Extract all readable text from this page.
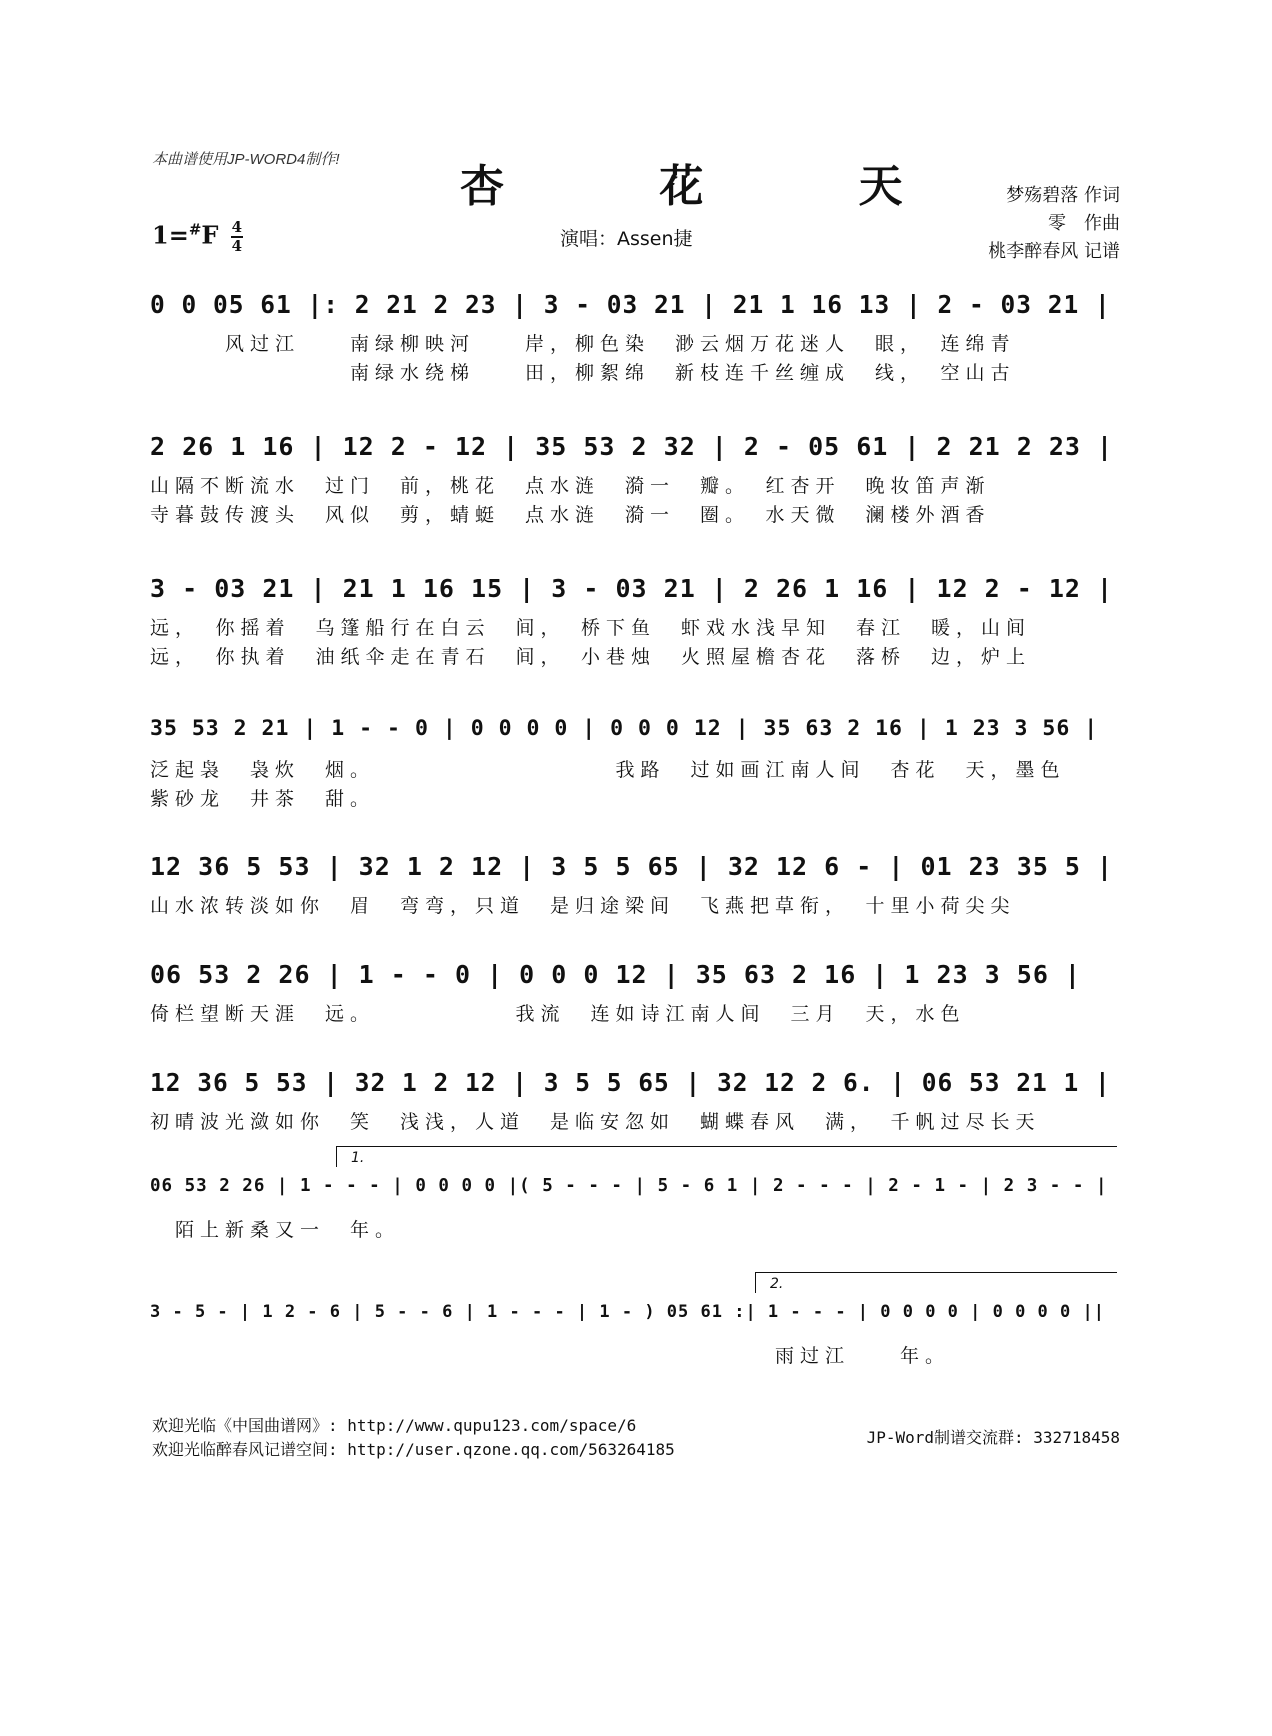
本曲谱使用JP-WORD4制作!
杏 花 天
演唱：Assen捷
梦殇碧落 作词
零　作曲
桃李醉春风 记谱
$1=^{\#}F \frac{4}{4}$
0 0 05 61 |: 2 21 2 23 | 3 - 03 21 | 21 1 16 13 | 2 - 03 21 |
　　　风过江　　南绿柳映河　　岸，柳色染　渺云烟万花迷人　眼，　连绵青
　　　　　　　　南绿水绕梯　　田，柳絮绵　新枝连千丝缠成　线，　空山古
2 26 1 16 | 12 2 - 12 | 35 53 2 32 | 2 - 05 61 | 2 21 2 23 |
山隔不断流水　过门　前，桃花　点水涟　漪一　瓣。　红杏开　晚妆笛声渐
寺暮鼓传渡头　风似　剪，蜻蜓　点水涟　漪一　圈。　水天微　澜楼外酒香
3 - 03 21 | 21 1 16 15 | 3 - 03 21 | 2 26 1 16 | 12 2 - 12 |
远，　你摇着　乌篷船行在白云　间，　桥下鱼　虾戏水浅早知　春江　暖，山间
远，　你执着　油纸伞走在青石　间，　小巷烛　火照屋檐杏花　落桥　边，炉上
35 53 2 21 | 1 - - 0 | 0 0 0 0 | 0 0 0 12 | 35 63 2 16 | 1 23 3 56 |
泛起袅　袅炊　烟。　　　　　　　　　　我路　过如画江南人间　杏花　天，墨色
紫砂龙　井茶　甜。
12 36 5 53 | 32 1 2 12 | 3 5 5 65 | 32 12 6 - | 01 23 35 5 |
山水浓转淡如你　眉　弯弯，只道　是归途梁间　飞燕把草衔，　十里小荷尖尖
06 53 2 26 | 1 - - 0 | 0 0 0 12 | 35 63 2 16 | 1 23 3 56 |
倚栏望断天涯　远。　　　　　　我流　连如诗江南人间　三月　天，水色
12 36 5 53 | 32 1 2 12 | 3 5 5 65 | 32 12 2 6. | 06 53 21 1 |
初晴波光潋如你　笑　浅浅，人道　是临安忽如　蝴蝶春风　满，　千帆过尽长天
1.
06 53 2 26 | 1 - - - | 0 0 0 0 |( 5 - - - | 5 - 6 1 | 2 - - - | 2 - 1 - | 2 3 - - |
　陌上新桑又一　年。
2.
3 - 5 - | 1 2 - 6 | 5 - - 6 | 1 - - - | 1 - ) 05 61 :| 1 - - - | 0 0 0 0 | 0 0 0 0 ||
　　　　　　　　　　　　　　　　　　　　　　　　　雨过江　　年。
欢迎光临《中国曲谱网》: http://www.qupu123.com/space/6
欢迎光临醉春风记谱空间: http://user.qzone.qq.com/563264185
JP-Word制谱交流群: 332718458
